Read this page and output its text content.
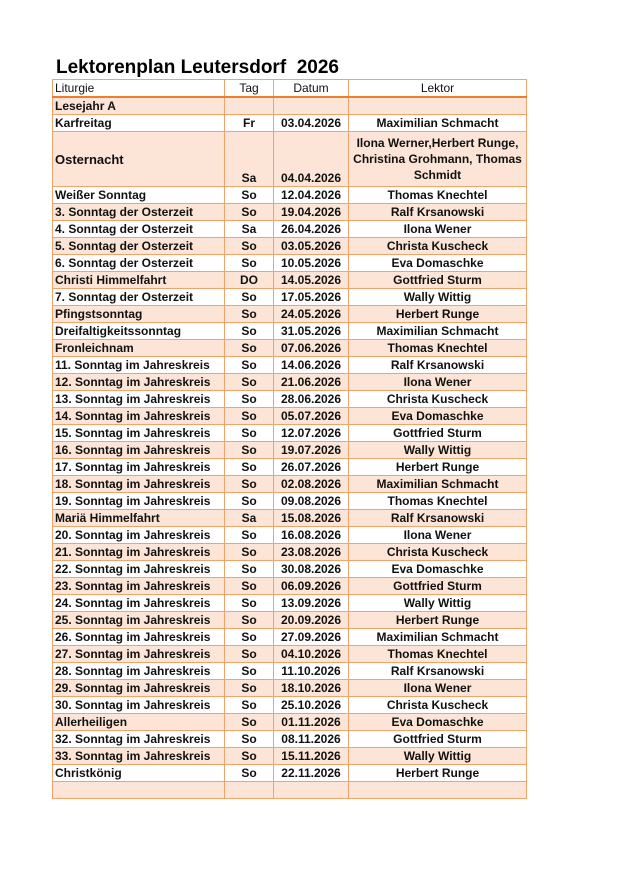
Lektorenplan Leutersdorf  2026
Liturgie	Tag	Datum	Lektor
Lesejahr A			
Karfreitag	Fr	03.04.2026	Maximilian Schmacht
Osternacht	Sa	04.04.2026	Ilona Werner,Herbert Runge, Christina Grohmann, Thomas Schmidt
Weißer Sonntag	So	12.04.2026	Thomas Knechtel
3. Sonntag der Osterzeit	So	19.04.2026	Ralf Krsanowski
4. Sonntag der Osterzeit	Sa	26.04.2026	Ilona Wener
5. Sonntag der Osterzeit	So	03.05.2026	Christa Kuscheck
6. Sonntag der Osterzeit	So	10.05.2026	Eva Domaschke
Christi Himmelfahrt	DO	14.05.2026	Gottfried Sturm
7. Sonntag der Osterzeit	So	17.05.2026	Wally Wittig
Pfingstsonntag	So	24.05.2026	Herbert Runge
Dreifaltigkeitssonntag	So	31.05.2026	Maximilian Schmacht
Fronleichnam	So	07.06.2026	Thomas Knechtel
11. Sonntag im Jahreskreis	So	14.06.2026	Ralf Krsanowski
12. Sonntag im Jahreskreis	So	21.06.2026	Ilona Wener
13. Sonntag im Jahreskreis	So	28.06.2026	Christa Kuscheck
14. Sonntag im Jahreskreis	So	05.07.2026	Eva Domaschke
15. Sonntag im Jahreskreis	So	12.07.2026	Gottfried Sturm
16. Sonntag im Jahreskreis	So	19.07.2026	Wally Wittig
17. Sonntag im Jahreskreis	So	26.07.2026	Herbert Runge
18. Sonntag im Jahreskreis	So	02.08.2026	Maximilian Schmacht
19. Sonntag im Jahreskreis	So	09.08.2026	Thomas Knechtel
Mariä Himmelfahrt	Sa	15.08.2026	Ralf Krsanowski
20. Sonntag im Jahreskreis	So	16.08.2026	Ilona Wener
21. Sonntag im Jahreskreis	So	23.08.2026	Christa Kuscheck
22. Sonntag im Jahreskreis	So	30.08.2026	Eva Domaschke
23. Sonntag im Jahreskreis	So	06.09.2026	Gottfried Sturm
24. Sonntag im Jahreskreis	So	13.09.2026	Wally Wittig
25. Sonntag im Jahreskreis	So	20.09.2026	Herbert Runge
26. Sonntag im Jahreskreis	So	27.09.2026	Maximilian Schmacht
27. Sonntag im Jahreskreis	So	04.10.2026	Thomas Knechtel
28. Sonntag im Jahreskreis	So	11.10.2026	Ralf Krsanowski
29. Sonntag im Jahreskreis	So	18.10.2026	Ilona Wener
30. Sonntag im Jahreskreis	So	25.10.2026	Christa Kuscheck
Allerheiligen	So	01.11.2026	Eva Domaschke
32. Sonntag im Jahreskreis	So	08.11.2026	Gottfried Sturm
33. Sonntag im Jahreskreis	So	15.11.2026	Wally Wittig
Christkönig	So	22.11.2026	Herbert Runge
